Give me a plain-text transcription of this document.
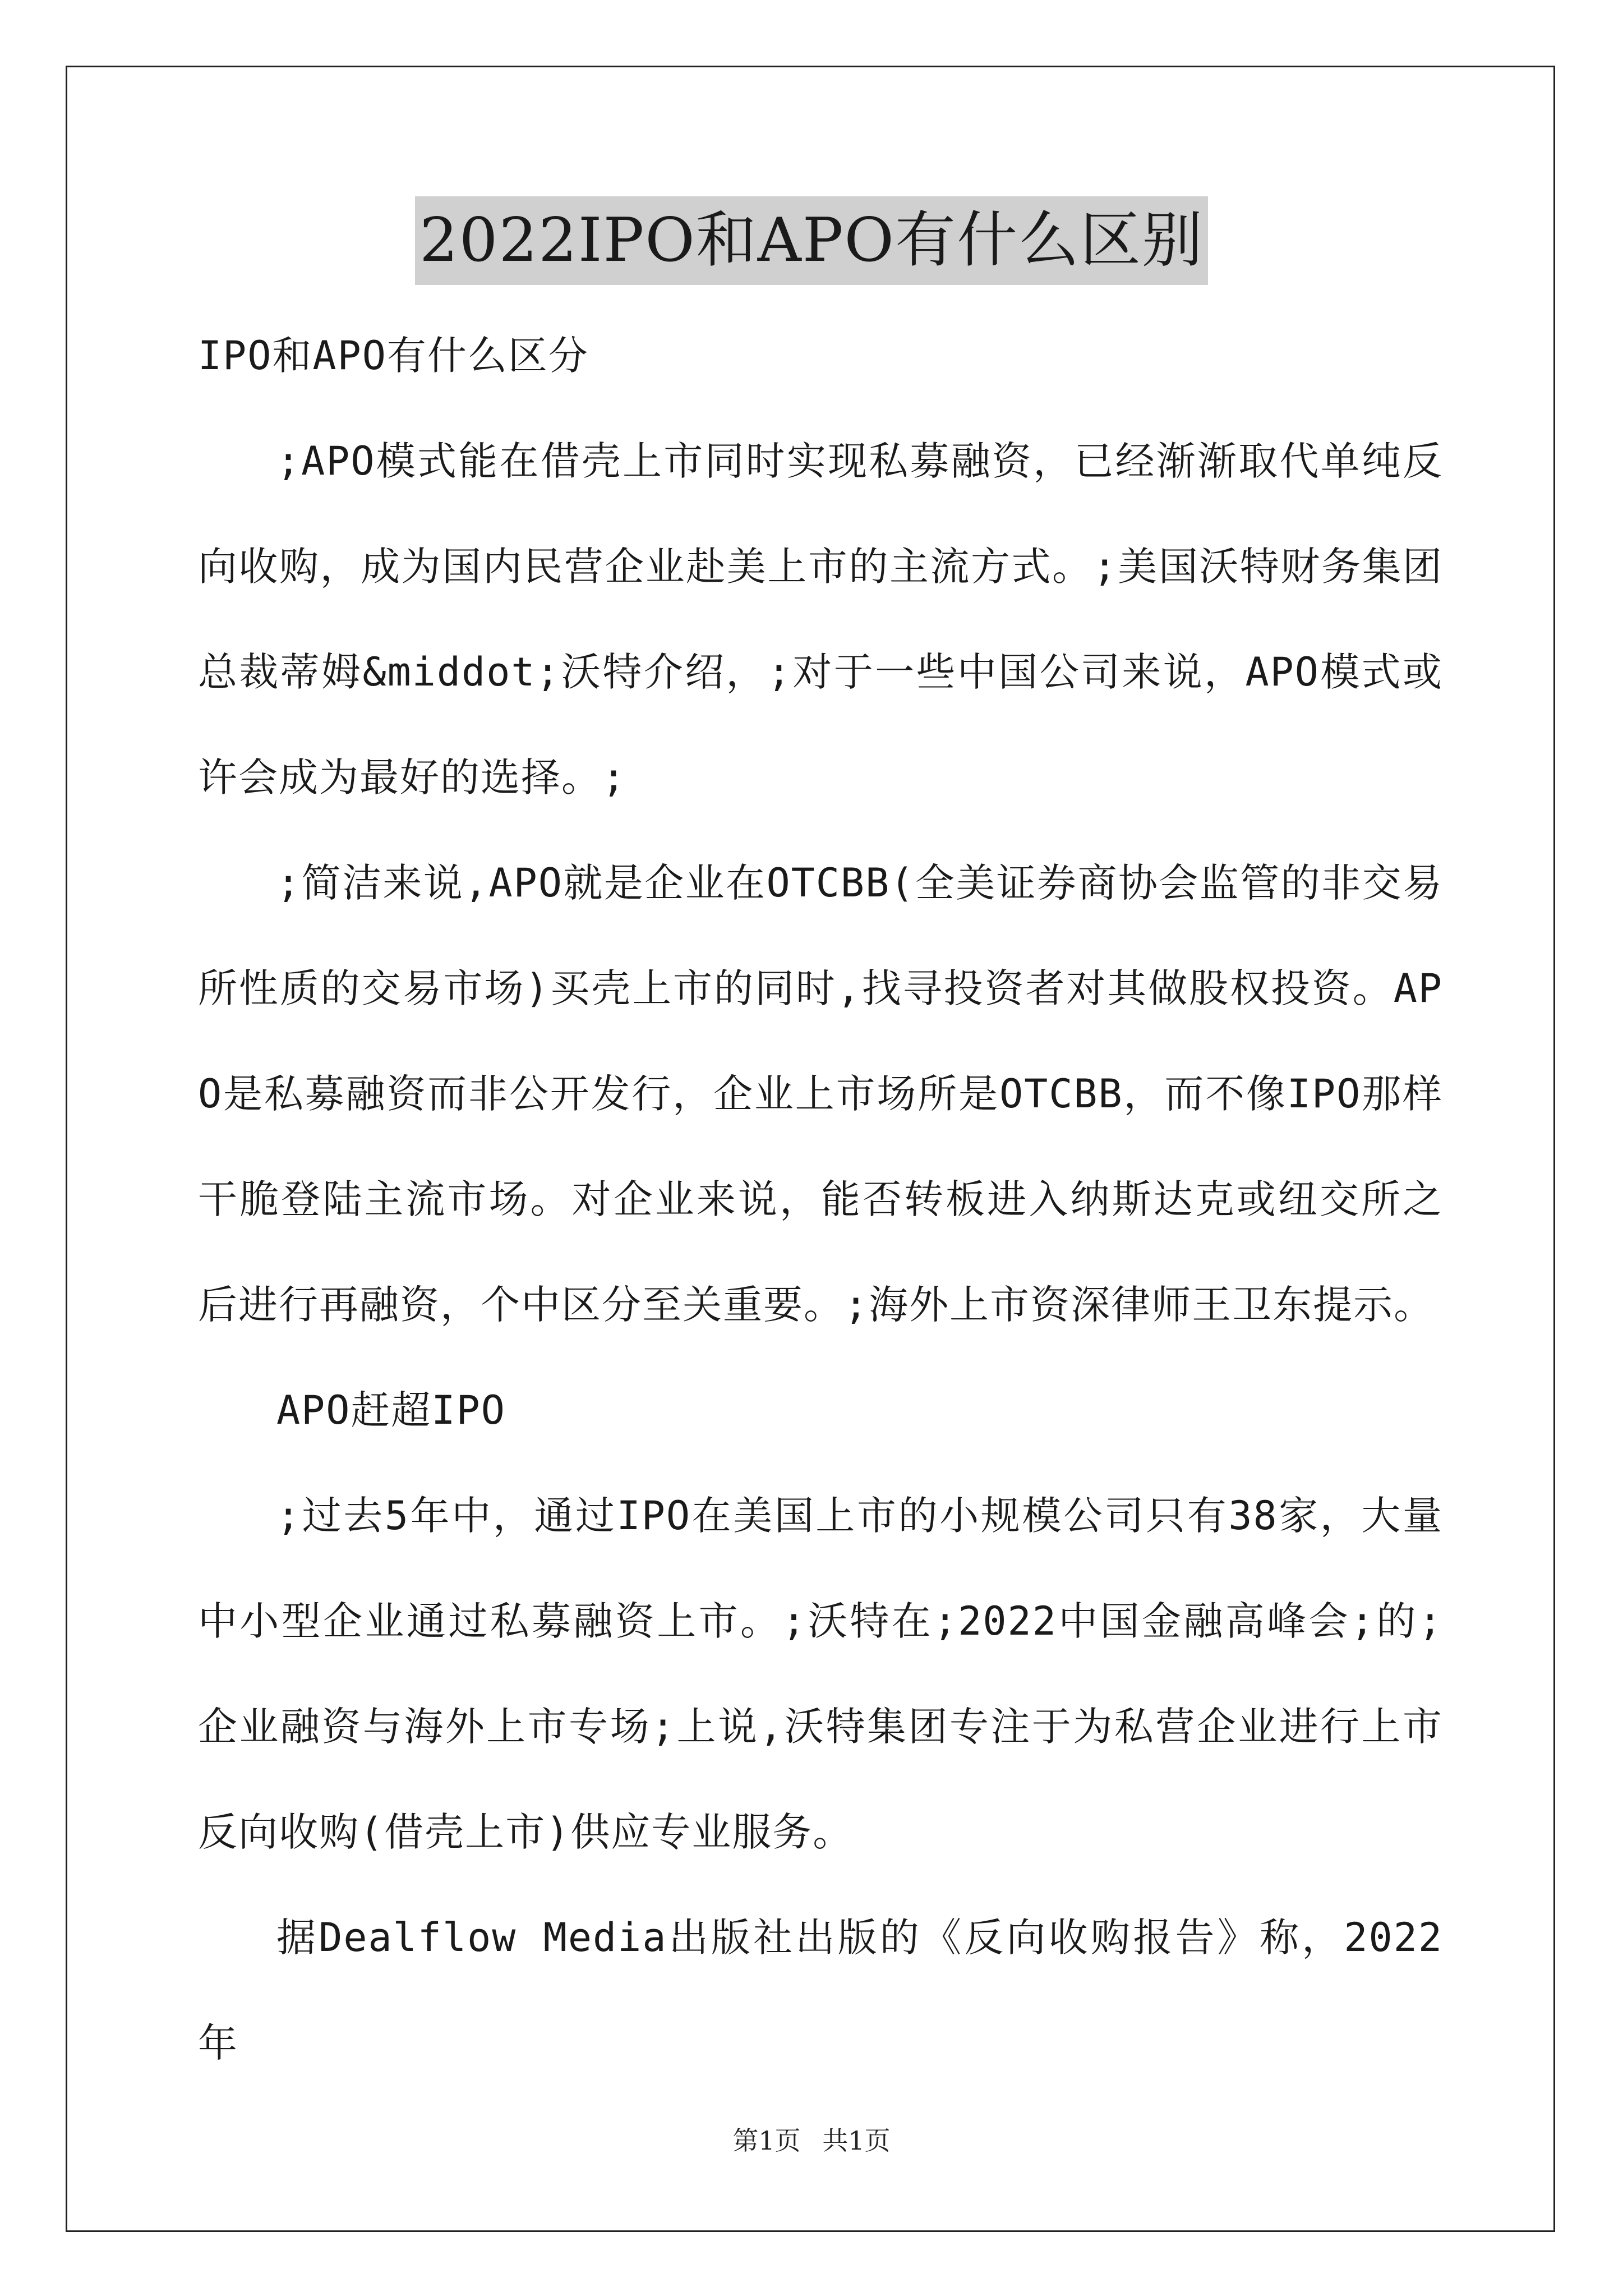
2022IPO和APO有什么区别

IPO和APO有什么区分

;APO模式能在借壳上市同时实现私募融资，已经渐渐取代单纯反向收购，成为国内民营企业赴美上市的主流方式。;美国沃特财务集团总裁蒂姆&middot;沃特介绍，;对于一些中国公司来说，APO模式或许会成为最好的选择。;

;简洁来说,APO就是企业在OTCBB(全美证券商协会监管的非交易所性质的交易市场)买壳上市的同时,找寻投资者对其做股权投资。APO是私募融资而非公开发行，企业上市场所是OTCBB，而不像IPO那样干脆登陆主流市场。对企业来说，能否转板进入纳斯达克或纽交所之后进行再融资，个中区分至关重要。;海外上市资深律师王卫东提示。

APO赶超IPO

;过去5年中，通过IPO在美国上市的小规模公司只有38家，大量中小型企业通过私募融资上市。;沃特在;2022中国金融高峰会;的;企业融资与海外上市专场;上说,沃特集团专注于为私营企业进行上市反向收购(借壳上市)供应专业服务。

据Dealflow Media出版社出版的《反向收购报告》称，2022年

第1页 共1页
